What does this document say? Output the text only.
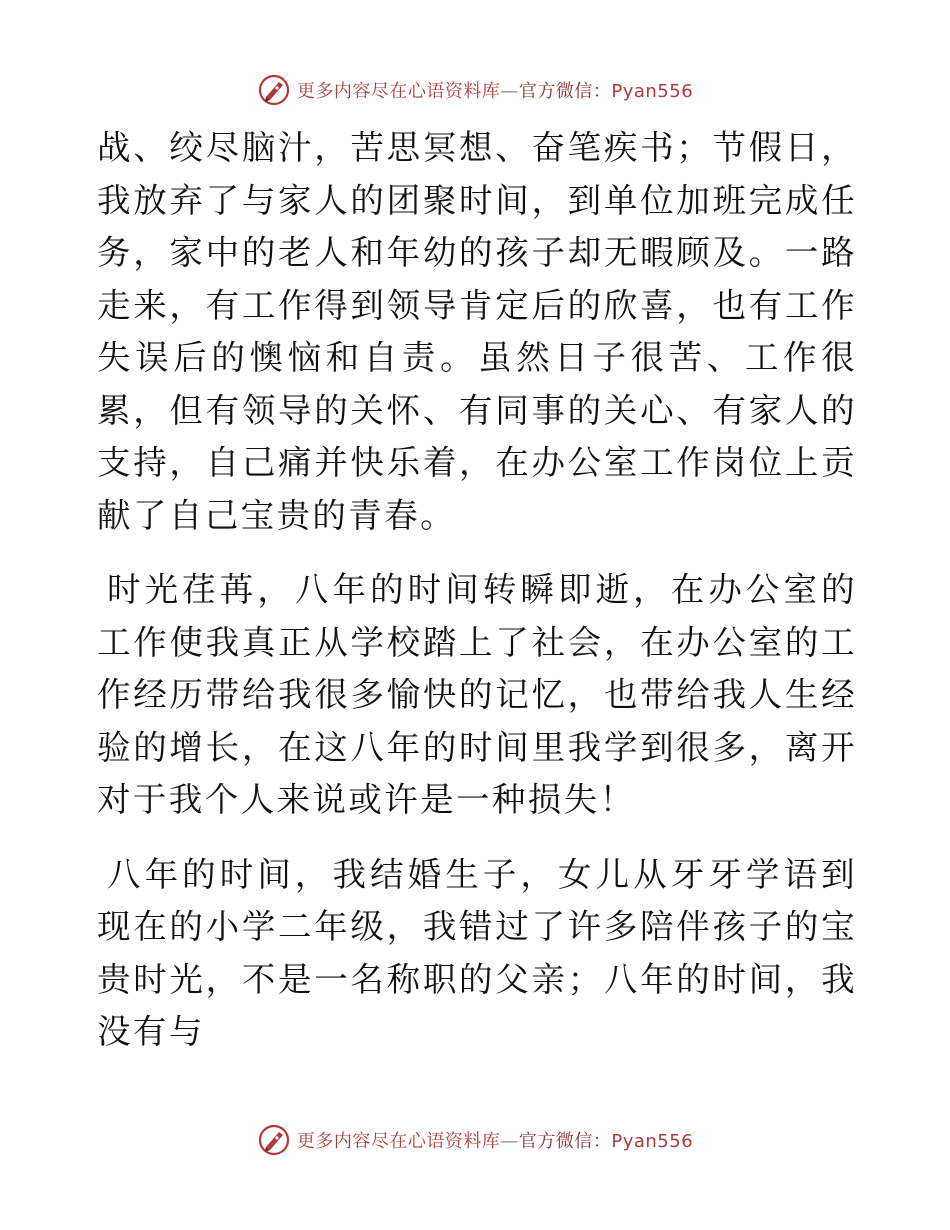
更多内容尽在心语资料库—官方微信：Pyan556

战、绞尽脑汁，苦思冥想、奋笔疾书；节假日，我放弃了与家人的团聚时间，到单位加班完成任务，家中的老人和年幼的孩子却无暇顾及。一路走来，有工作得到领导肯定后的欣喜，也有工作失误后的懊恼和自责。虽然日子很苦、工作很累，但有领导的关怀、有同事的关心、有家人的支持，自己痛并快乐着，在办公室工作岗位上贡献了自己宝贵的青春。

时光荏苒，八年的时间转瞬即逝，在办公室的工作使我真正从学校踏上了社会，在办公室的工作经历带给我很多愉快的记忆，也带给我人生经验的增长，在这八年的时间里我学到很多，离开对于我个人来说或许是一种损失！

八年的时间，我结婚生子，女儿从牙牙学语到现在的小学二年级，我错过了许多陪伴孩子的宝贵时光，不是一名称职的父亲；八年的时间，我没有与

更多内容尽在心语资料库—官方微信：Pyan556
